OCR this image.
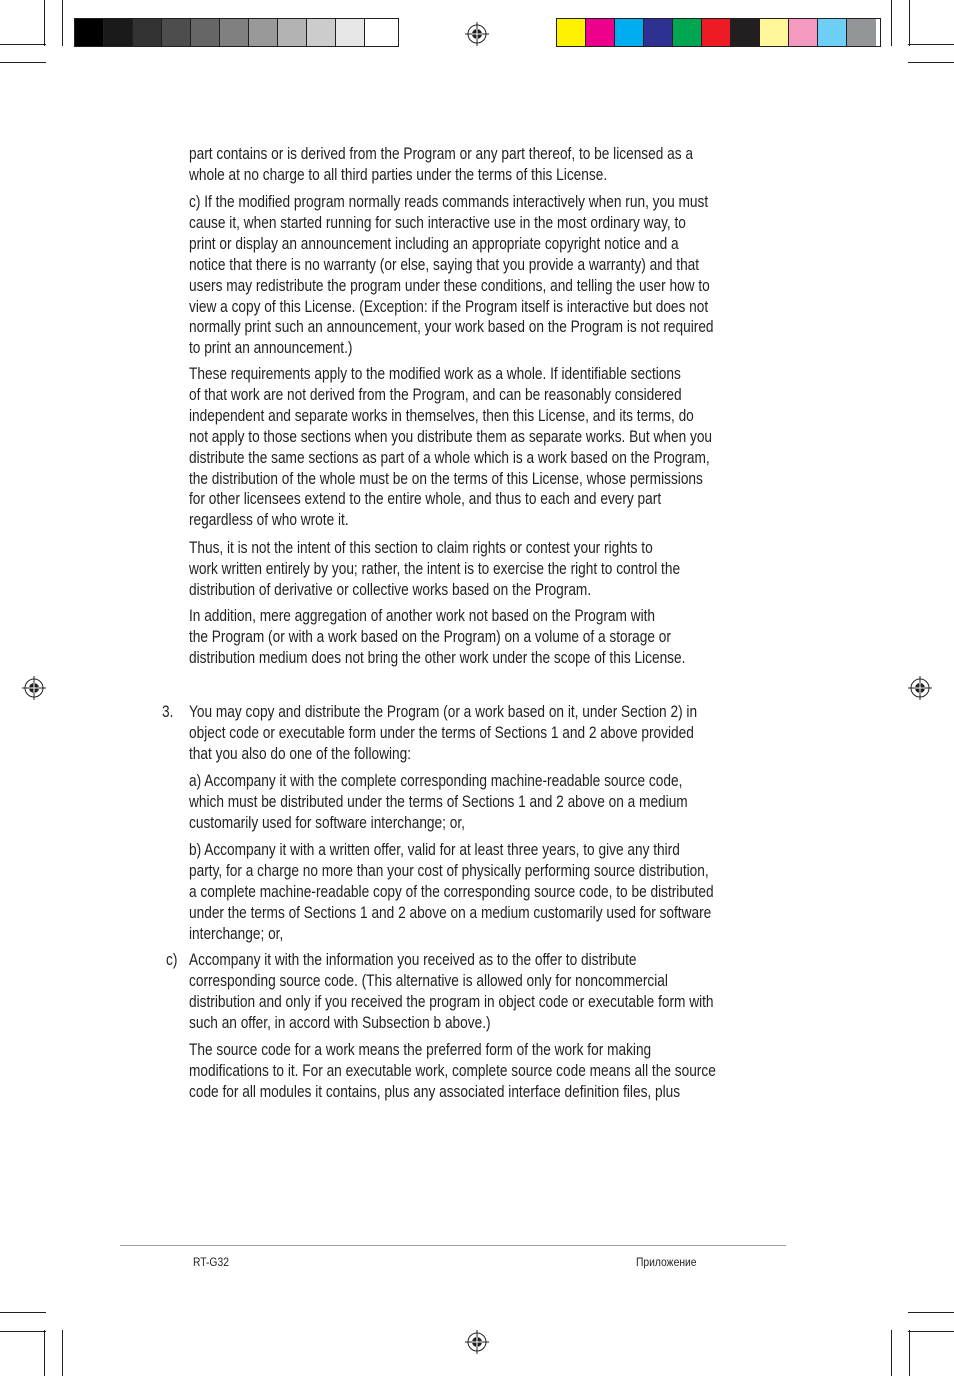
part contains or is derived from the Program or any part thereof, to be licensed as a

whole at no charge to all third parties under the terms of this License.

c) If the modified program normally reads commands interactively when run, you must

cause it, when started running for such interactive use in the most ordinary way, to

print or display an announcement including an appropriate copyright notice and a

notice that there is no warranty (or else, saying that you provide a warranty) and that

users may redistribute the program under these conditions, and telling the user how to

view a copy of this License. (Exception: if the Program itself is interactive but does not

normally print such an announcement, your work based on the Program is not required

to print an announcement.)

These requirements apply to the modified work as a whole. If identifiable sections

of that work are not derived from the Program, and can be reasonably considered

independent and separate works in themselves, then this License, and its terms, do

not apply to those sections when you distribute them as separate works. But when you

distribute the same sections as part of a whole which is a work based on the Program,

the distribution of the whole must be on the terms of this License, whose permissions

for other licensees extend to the entire whole, and thus to each and every part

regardless of who wrote it.

Thus, it is not the intent of this section to claim rights or contest your rights to

work written entirely by you; rather, the intent is to exercise the right to control the

distribution of derivative or collective works based on the Program.

In addition, mere aggregation of another work not based on the Program with

the Program (or with a work based on the Program) on a volume of a storage or

distribution medium does not bring the other work under the scope of this License.

3. You may copy and distribute the Program (or a work based on it, under Section 2) in

object code or executable form under the terms of Sections 1 and 2 above provided

that you also do one of the following:

a) Accompany it with the complete corresponding machine-readable source code,

which must be distributed under the terms of Sections 1 and 2 above on a medium

customarily used for software interchange; or,

b) Accompany it with a written offer, valid for at least three years, to give any third

party, for a charge no more than your cost of physically performing source distribution,

a complete machine-readable copy of the corresponding source code, to be distributed

under the terms of Sections 1 and 2 above on a medium customarily used for software

interchange; or,

c) Accompany it with the information you received as to the offer to distribute

corresponding source code. (This alternative is allowed only for noncommercial

distribution and only if you received the program in object code or executable form with

such an offer, in accord with Subsection b above.)

The source code for a work means the preferred form of the work for making

modifications to it. For an executable work, complete source code means all the source

code for all modules it contains, plus any associated interface definition files, plus

RT-G32	Приложение
